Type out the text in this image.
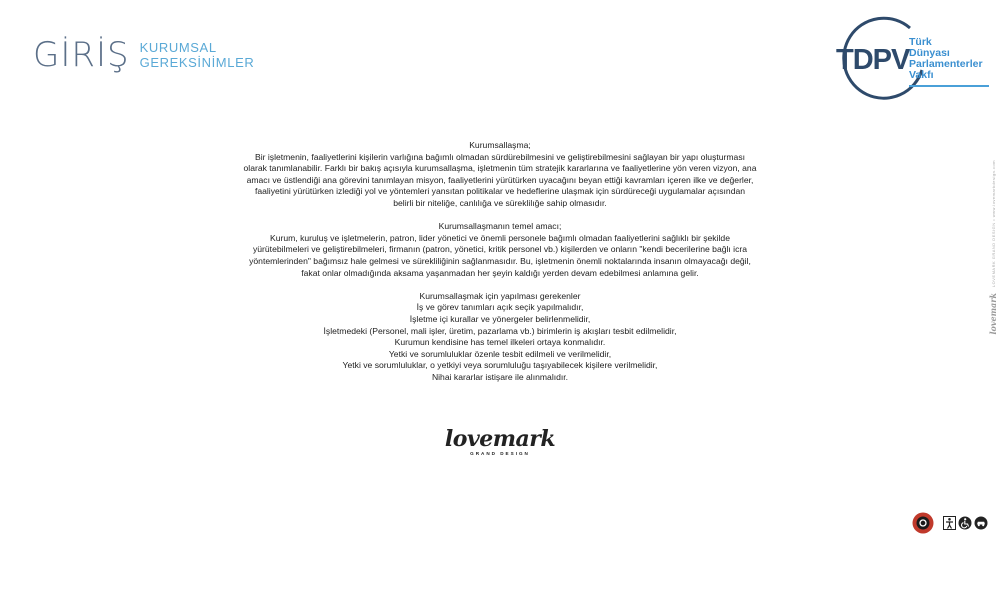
GİRİŞ KURUMSAL
GEREKSİNİMLER	TDPV
Türk
Dünyası
Parlamenterler
Vakfı
Kurumsallaşma;
Bir işletmenin, faaliyetlerini kişilerin varlığına bağımlı olmadan sürdürebilmesini ve geliştirebilmesini sağlayan bir yapı oluşturması
olarak tanımlanabilir. Farklı bir bakış açısıyla kurumsallaşma, işletmenin tüm stratejik kararlarına ve faaliyetlerine yön veren vizyon, ana
amacı ve üstlendiği ana görevini tanımlayan misyon, faaliyetlerini yürütürken uyacağını beyan ettiği kavramları içeren ilke ve değerler,
faaliyetini yürütürken izlediği yol ve yöntemleri yansıtan politikalar ve hedeflerine ulaşmak için sürdüreceği uygulamalar açısından
belirli bir niteliğe, canlılığa ve süreklilığe sahip olmasıdır.
Kurumsallaşmanın temel amacı;
Kurum, kuruluş ve işletmelerin, patron, lider yönetici ve önemli personele bağımlı olmadan faaliyetlerini sağlıklı bir şekilde
yürütebilmeleri ve geliştirebilmeleri, firmanın (patron, yönetici, kritik personel vb.) kişilerden ve onların "kendi becerilerine bağlı icra
yöntemlerinden" bağımsız hale gelmesi ve sürekliliğinin sağlanmasıdır. Bu, işletmenin önemli noktalarında insanın olmayacağı değil,
fakat onlar olmadığında aksama yaşanmadan her şeyin kaldığı yerden devam edebilmesi anlamına gelir.
Kurumsallaşmak için yapılması gerekenler
İş ve görev tanımları açık seçik yapılmalıdır,
İşletme içi kurallar ve yönergeler belirlenmelidir,
İşletmedeki (Personel, mali işler, üretim, pazarlama vb.) birimlerin iş akışları tesbit edilmelidir,
Kurumun kendisine has temel ilkeleri ortaya konmalıdır.
Yetki ve sorumluluklar özenle tesbit edilmeli ve verilmelidir,
Yetki ve sorumluluklar, o yetkiyi veya sorumluluğu taşıyabilecek kişilere verilmelidir,
Nihai kararlar istişare ile alınmalıdır.
lovemark
GRAND DESIGN
LOVEMARK GRAND DESIGN • www.lovemarkdesign.com
lovemark
